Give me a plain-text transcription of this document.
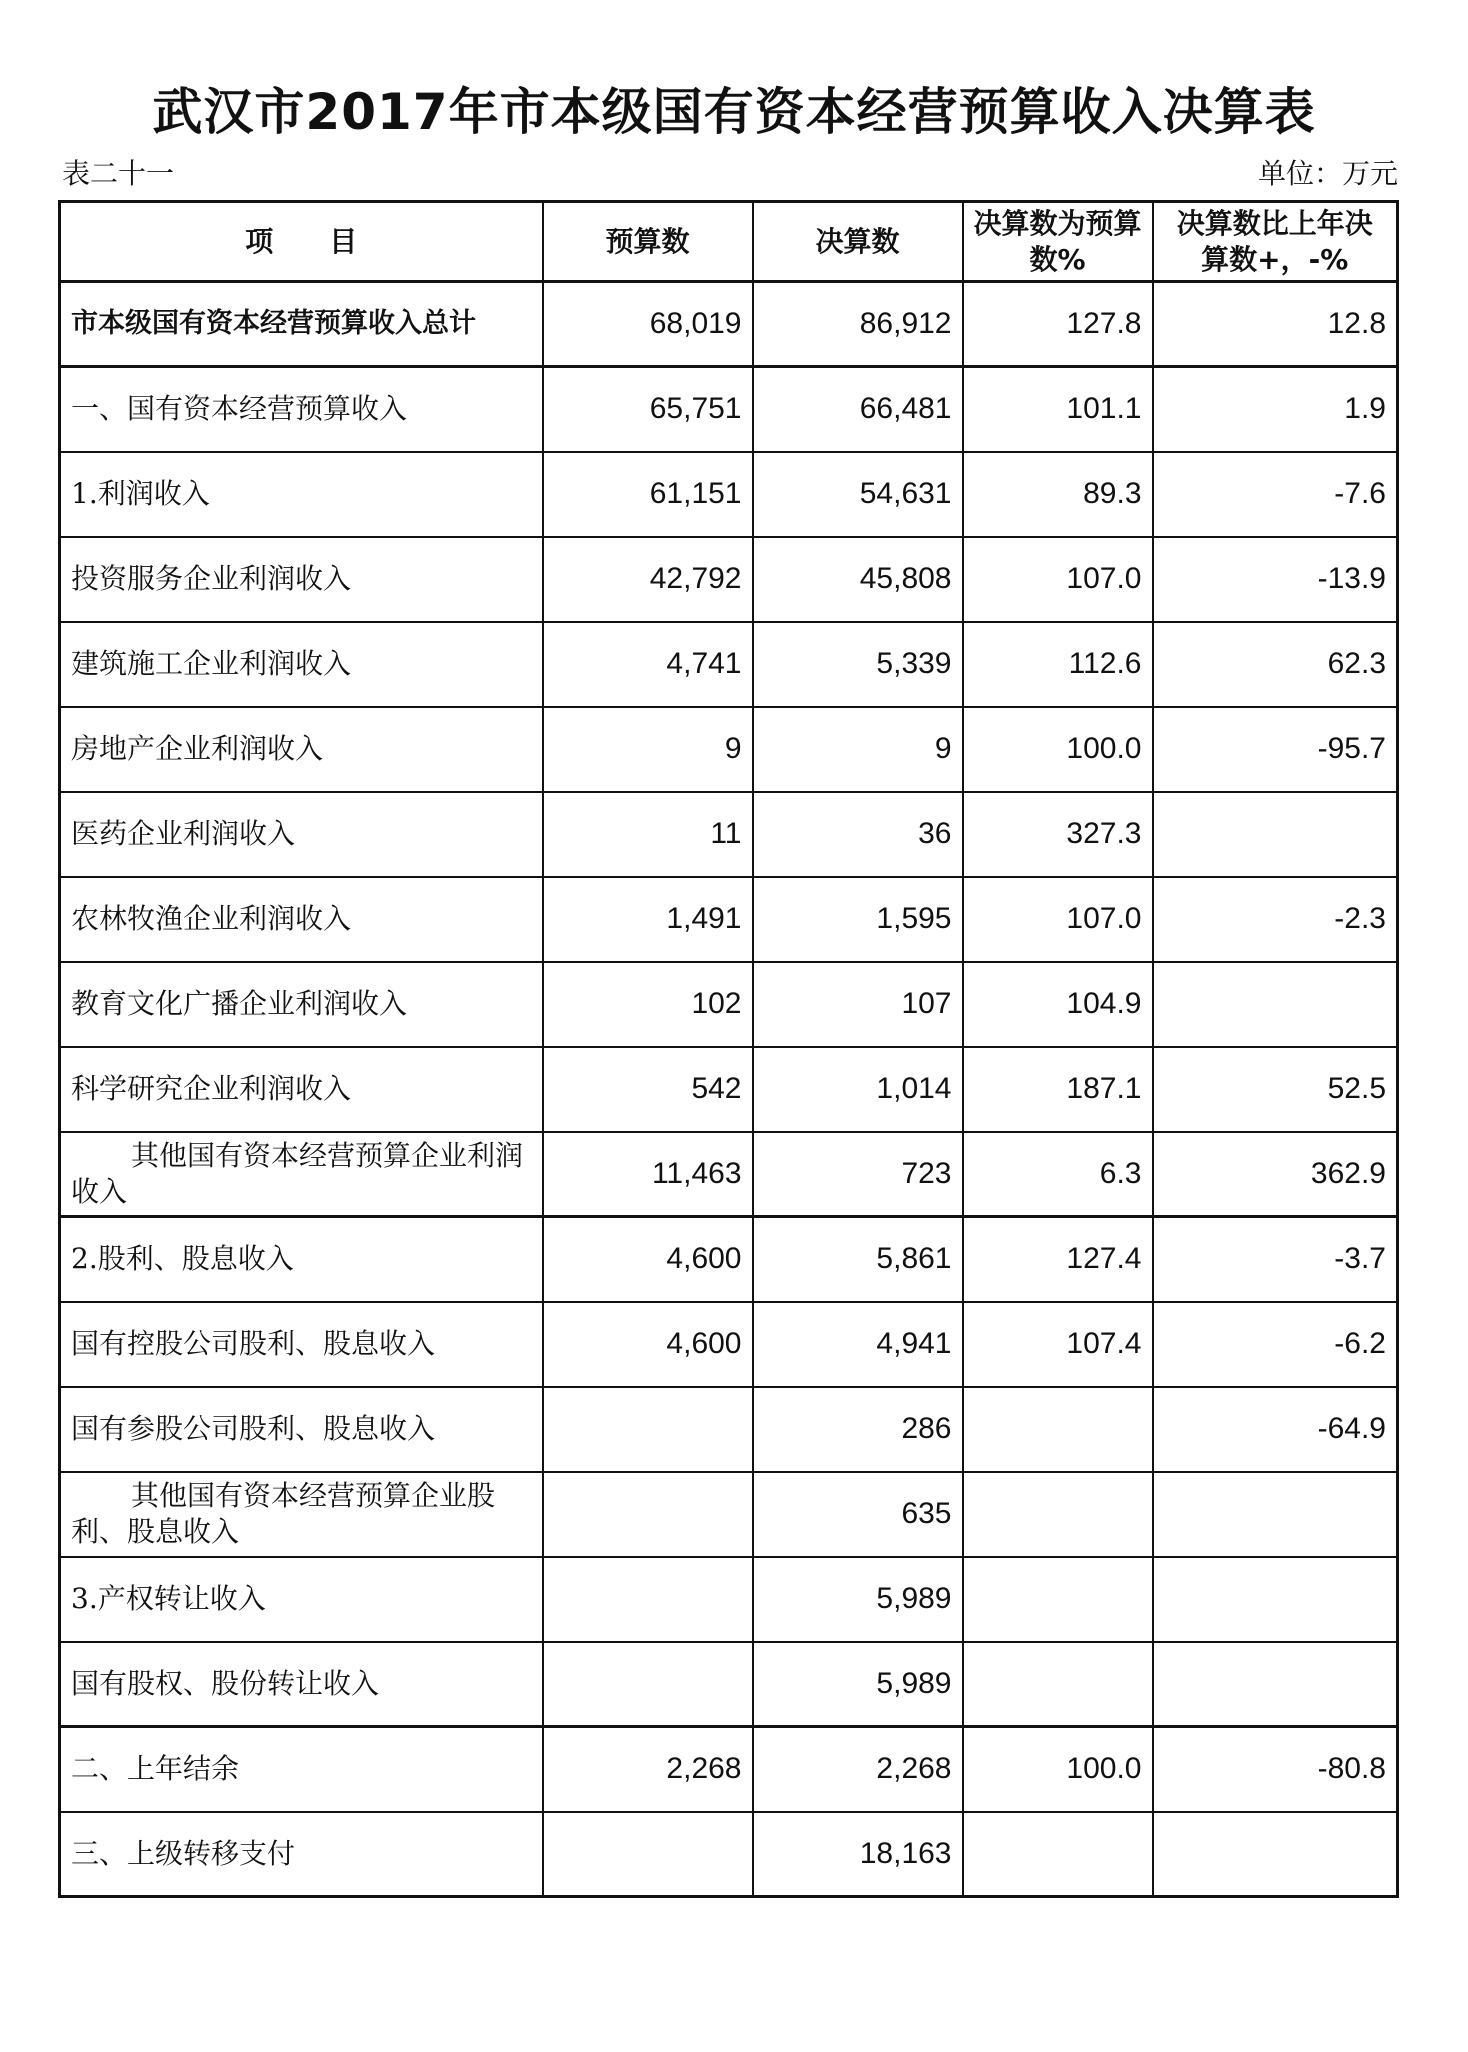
武汉市2017年市本级国有资本经营预算收入决算表
表二十一	单位：万元
项　　目	预算数	决算数	决算数为预算数%	决算数比上年决算数+，-%
市本级国有资本经营预算收入总计	68,019	86,912	127.8	12.8
一、国有资本经营预算收入	65,751	66,481	101.1	1.9
1.利润收入	61,151	54,631	89.3	-7.6
投资服务企业利润收入	42,792	45,808	107.0	-13.9
建筑施工企业利润收入	4,741	5,339	112.6	62.3
房地产企业利润收入	9	9	100.0	-95.7
医药企业利润收入	11	36	327.3	
农林牧渔企业利润收入	1,491	1,595	107.0	-2.3
教育文化广播企业利润收入	102	107	104.9	
科学研究企业利润收入	542	1,014	187.1	52.5
其他国有资本经营预算企业利润收入	11,463	723	6.3	362.9
2.股利、股息收入	4,600	5,861	127.4	-3.7
国有控股公司股利、股息收入	4,600	4,941	107.4	-6.2
国有参股公司股利、股息收入		286		-64.9
其他国有资本经营预算企业股利、股息收入		635		
3.产权转让收入		5,989		
国有股权、股份转让收入		5,989		
二、上年结余	2,268	2,268	100.0	-80.8
三、上级转移支付		18,163		
